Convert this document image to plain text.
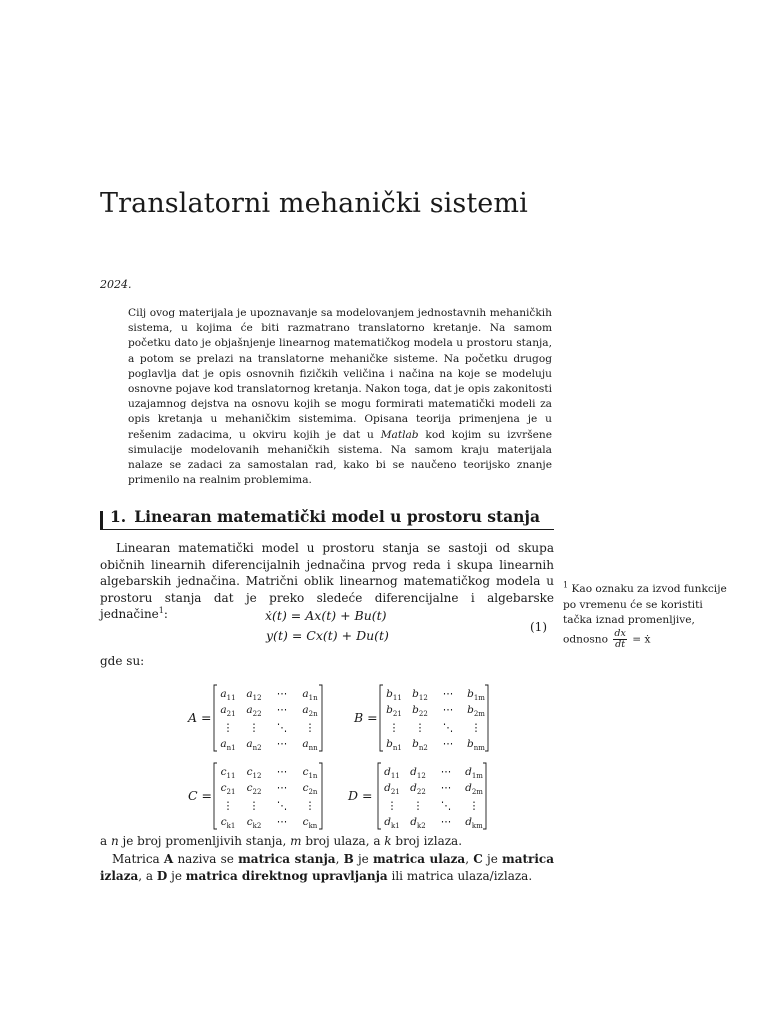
Translatorni mehanički sistemi
2024.

Cilj ovog materijala je upoznavanje sa modelovanjem jednostavnih mehaničkih sistema, u kojima će biti razmatrano translatorno kretanje. Na samom početku dato je objašnjenje linearnog matematičkog modela u prostoru stanja, a potom se prelazi na translatorne mehaničke sisteme. Na početku drugog poglavlja dat je opis osnovnih fizičkih veličina i načina na koje se modeluju osnovne pojave kod translatornog kretanja. Nakon toga, dat je opis zakonitosti uzajamnog dejstva na osnovu kojih se mogu formirati matematički modeli za opis kretanja u mehaničkim sistemima. Opisana teorija primenjena je u rešenim zadacima, u okviru kojih je dat u Matlab kod kojim su izvršene simulacije modelovanih mehaničkih sistema. Na samom kraju materijala nalaze se zadaci za samostalan rad, kako bi se naučeno teorijsko znanje primenilo na realnim problemima.

1. Linearan matematički model u prostoru stanja

Linearan matematički model u prostoru stanja se sastoji od skupa običnih linearnih diferencijalnih jednačina prvog reda i skupa linearnih algebarskih jednačina. Matrični oblik linearnog matematičkog modela u prostoru stanja dat je preko sledeće diferencijalne i algebarske jednačine$^1$:	ẋ(t) = Ax(t) + Bu(t)
y(t) = Cx(t) + Du(t)
(1)
gde su:
A =
$a_{11}$ $a_{12}$ ⋯ $a_{1n}$
$a_{21}$ $a_{22}$ ⋯ $a_{2n}$
⋮ ⋮ ⋱ ⋮
$a_{n1}$ $a_{n2}$ ⋯ $a_{nn}$
B =
$b_{11}$ $b_{12}$ ⋯ $b_{1m}$
$b_{21}$ $b_{22}$ ⋯ $b_{2m}$
⋮ ⋮ ⋱ ⋮
$b_{n1}$ $b_{n2}$ ⋯ $b_{nm}$
C =
$c_{11}$ $c_{12}$ ⋯ $c_{1n}$
$c_{21}$ $c_{22}$ ⋯ $c_{2n}$
⋮ ⋮ ⋱ ⋮
$c_{k1}$ $c_{k2}$ ⋯ $c_{kn}$
D =
$d_{11}$ $d_{12}$ ⋯ $d_{1m}$
$d_{21}$ $d_{22}$ ⋯ $d_{2m}$
⋮ ⋮ ⋱ ⋮
$d_{k1}$ $d_{k2}$ ⋯ $d_{km}$
a n je broj promenljivih stanja, m broj ulaza, a k broj izlaza.

Matrica A naziva se matrica stanja, B je matrica ulaza, C je matrica izlaza, a D je matrica direktnog upravljanja ili matrica ulaza/izlaza.

$^1$ Kao oznaku za izvod funkcije po vremenu će se koristiti tačka iznad promenljive, odnosno $\frac{dx}{dt}$ = ẋ
